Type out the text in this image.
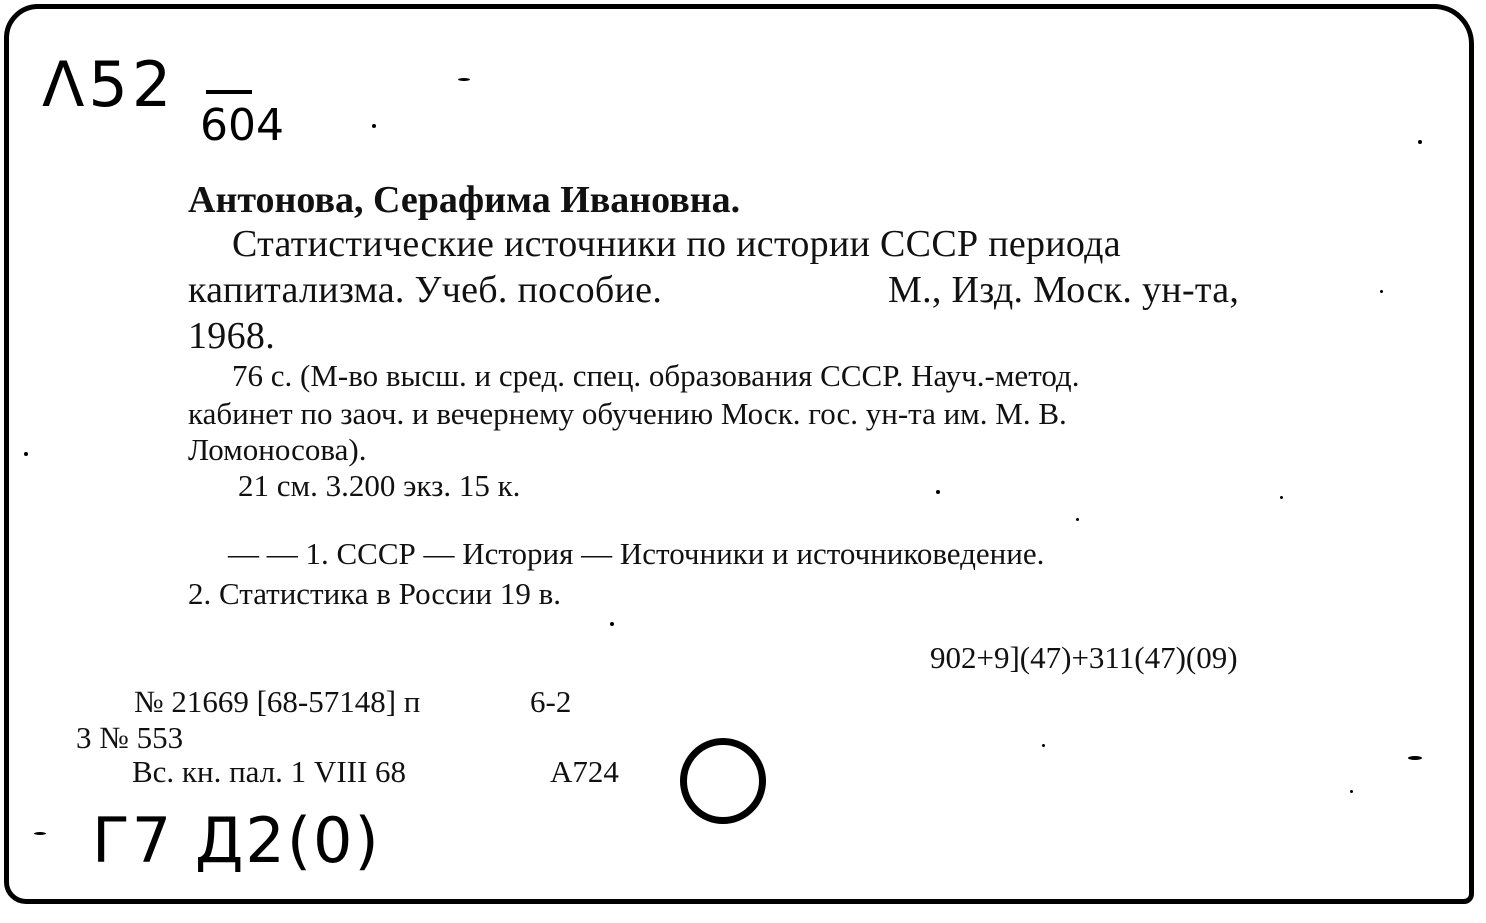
Λ52
604
Антонова, Серафима Ивановна.
Статистические источники по истории СССР периода
капитализма. Учеб. пособие.	М., Изд. Моск. ун-та,
1968.
76 с. (М-во высш. и сред. спец. образования СССР. Науч.-метод.
кабинет по заоч. и вечернему обучению Моск. гос. ун-та им. М. В.
Ломоносова).
21 см. 3.200 экз. 15 к.
— — 1. СССР — История — Источники и источниковедение.
2. Статистика в России 19 в.
902+9](47)+311(47)(09)
№ 21669 [68-57148] п	6-2
3 № 553
Вс. кн. пал. 1 VIII 68	А724
Г7 Д2(0)
